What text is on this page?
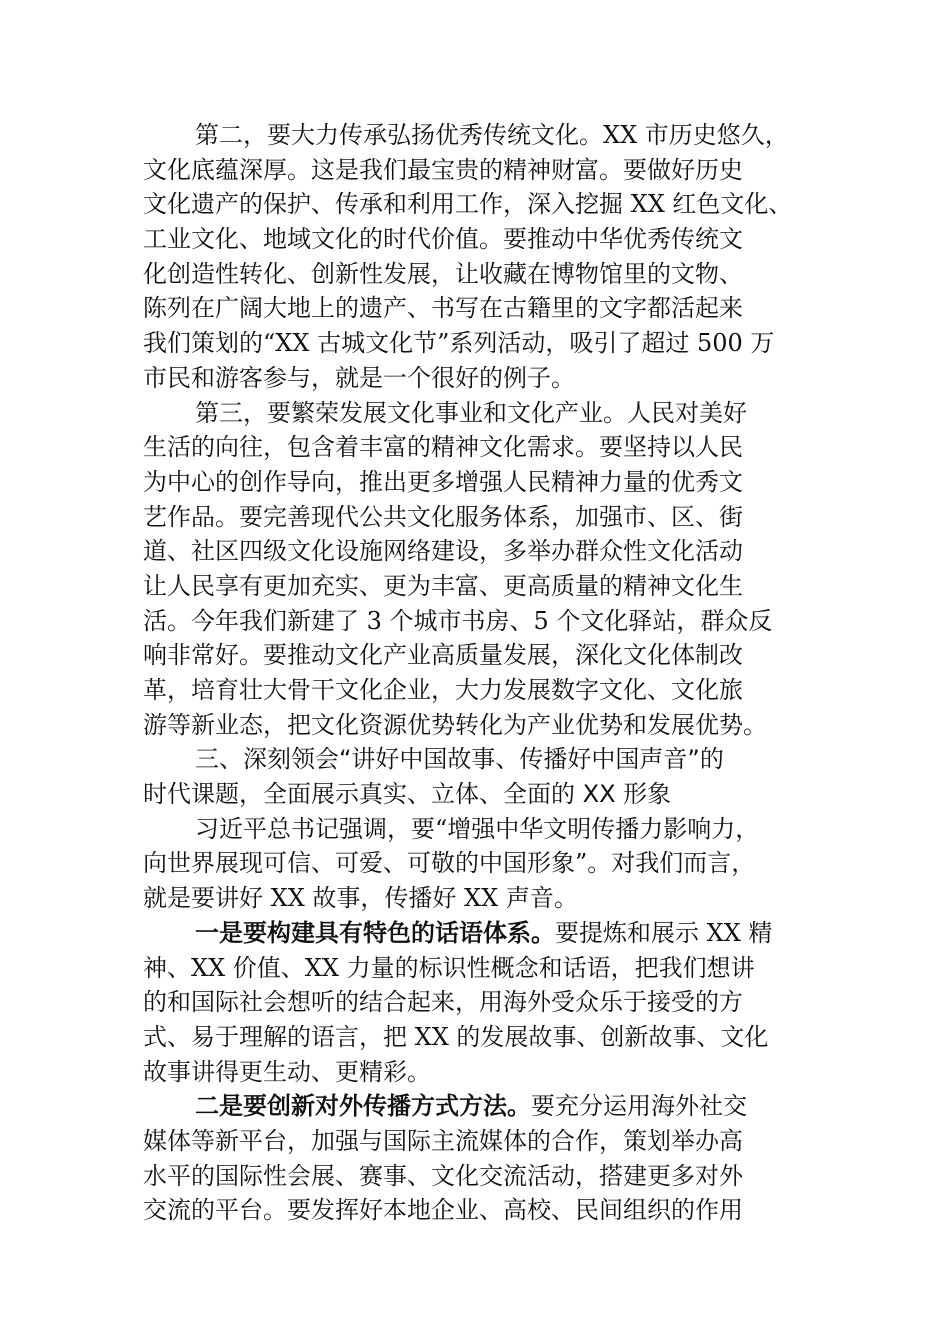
第二，要大力传承弘扬优秀传统文化。XX 市历史悠久，
文化底蕴深厚。这是我们最宝贵的精神财富。要做好历史
文化遗产的保护、传承和利用工作，深入挖掘 XX 红色文化、
工业文化、地域文化的时代价值。要推动中华优秀传统文
化创造性转化、创新性发展，让收藏在博物馆里的文物、
陈列在广阔大地上的遗产、书写在古籍里的文字都活起来
我们策划的“XX 古城文化节”系列活动，吸引了超过 500 万
市民和游客参与，就是一个很好的例子。
第三，要繁荣发展文化事业和文化产业。人民对美好
生活的向往，包含着丰富的精神文化需求。要坚持以人民
为中心的创作导向，推出更多增强人民精神力量的优秀文
艺作品。要完善现代公共文化服务体系，加强市、区、街
道、社区四级文化设施网络建设，多举办群众性文化活动
让人民享有更加充实、更为丰富、更高质量的精神文化生
活。今年我们新建了 3 个城市书房、5 个文化驿站，群众反
响非常好。要推动文化产业高质量发展，深化文化体制改
革，培育壮大骨干文化企业，大力发展数字文化、文化旅
游等新业态，把文化资源优势转化为产业优势和发展优势。
三、深刻领会“讲好中国故事、传播好中国声音”的
时代课题，全面展示真实、立体、全面的 XX 形象
习近平总书记强调，要“增强中华文明传播力影响力，
向世界展现可信、可爱、可敬的中国形象”。对我们而言，
就是要讲好 XX 故事，传播好 XX 声音。
一是要构建具有特色的话语体系。要提炼和展示 XX 精
神、XX 价值、XX 力量的标识性概念和话语，把我们想讲
的和国际社会想听的结合起来，用海外受众乐于接受的方
式、易于理解的语言，把 XX 的发展故事、创新故事、文化
故事讲得更生动、更精彩。
二是要创新对外传播方式方法。要充分运用海外社交
媒体等新平台，加强与国际主流媒体的合作，策划举办高
水平的国际性会展、赛事、文化交流活动，搭建更多对外
交流的平台。要发挥好本地企业、高校、民间组织的作用
